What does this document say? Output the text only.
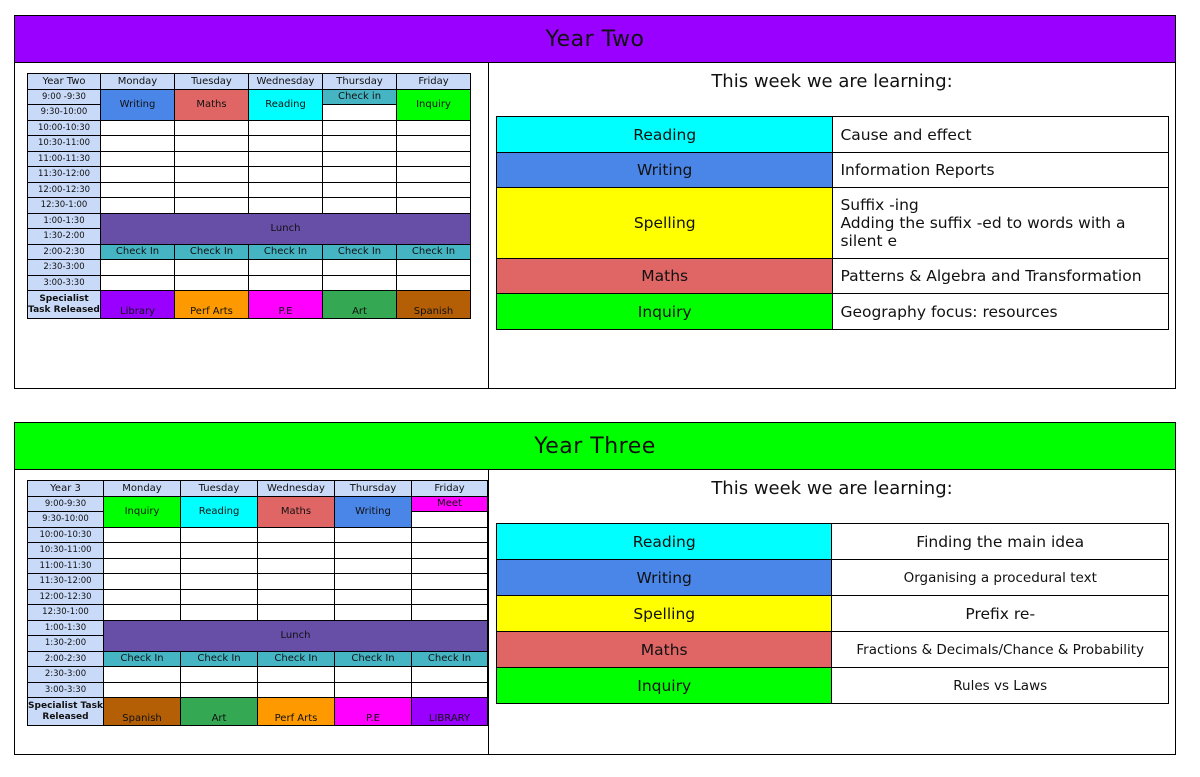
Year Two
Year Two	Monday	Tuesday	Wednesday	Thursday	Friday
9:00 -9:30	Writing	Maths	Reading	Check in	Inquiry
9:30-10:00					
10:00-10:30					
10:30-11:00					
11:00-11:30					
11:30-12:00					
12:00-12:30					
12:30-1:00					
1:00-1:30	Lunch				
1:30-2:00					
2:00-2:30	Check In	Check In	Check In	Check In	Check In
2:30-3:00					
3:00-3:30					
Specialist Task Released	Library	Perf Arts	P.E	Art	Spanish
This week we are learning:
Reading	Cause and effect
Writing	Information Reports
Spelling	Suffix -ing
Adding the suffix -ed to words with a silent e

Maths	Patterns & Algebra and Transformation
Inquiry	Geography focus: resources
Year Three
Year 3	Monday	Tuesday	Wednesday	Thursday	Friday
9:00-9:30	Inquiry	Reading	Maths	Writing	Meet
9:30-10:00					
10:00-10:30					
10:30-11:00					
11:00-11:30					
11:30-12:00					
12:00-12:30					
12:30-1:00					
1:00-1:30	Lunch				
1:30-2:00					
2:00-2:30	Check In	Check In	Check In	Check In	Check In
2:30-3:00					
3:00-3:30					
Specialist Task Released	Spanish	Art	Perf Arts	P.E	LIBRARY
This week we are learning:
Reading	Finding the main idea
Writing	Organising a procedural text
Spelling	Prefix re-
Maths	Fractions & Decimals/Chance & Probability
Inquiry	Rules vs Laws
